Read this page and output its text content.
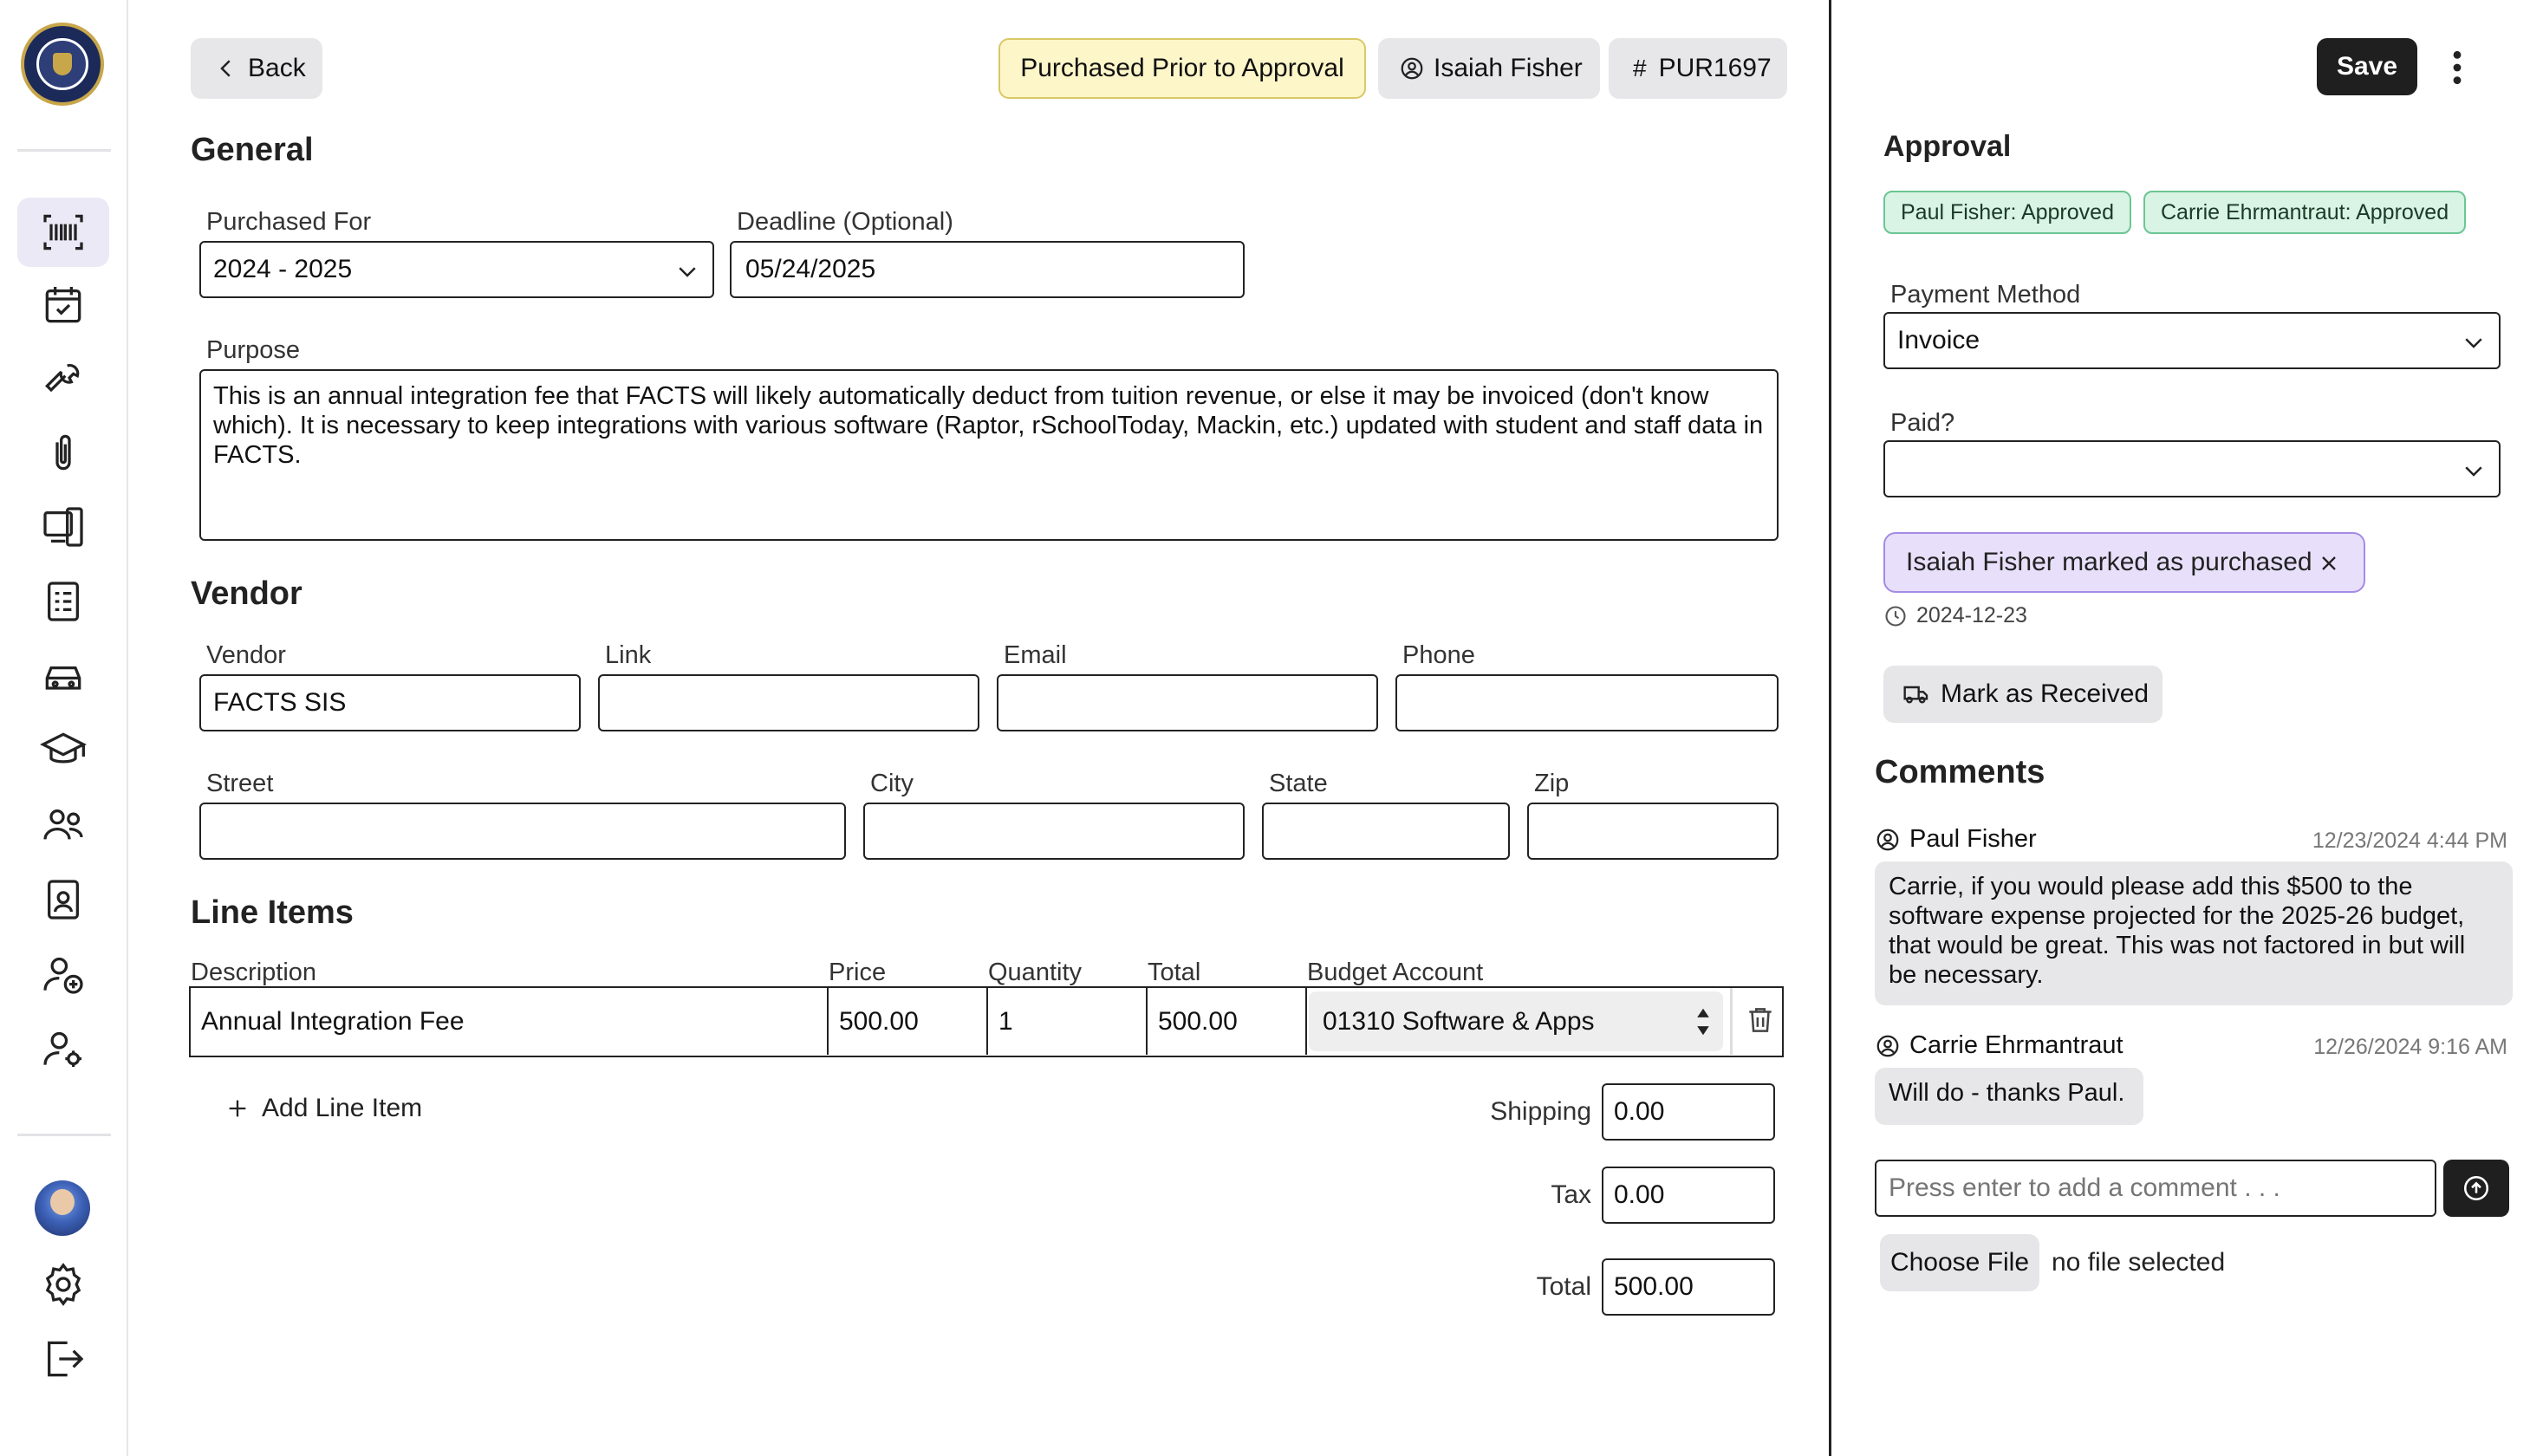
Back	Purchased Prior to Approval	Isaiah Fisher # PUR1697
General
Purchased For
2024 - 2025
Deadline (Optional)
05/24/2025
Purpose
This is an annual integration fee that FACTS will likely automatically deduct from tuition revenue, or else it may be invoiced (don't know which). It is necessary to keep integrations with various software (Raptor, rSchoolToday, Mackin, etc.) updated with student and staff data in FACTS.
Vendor
Vendor
FACTS SIS
Link	Email	Phone
Street	City	State	Zip
Line Items
Description	Price	Quantity	Total	Budget Account
Annual Integration Fee	500.00	1	500.00	01310 Software & Apps
Add Line Item	Shipping 0.00
Tax 0.00
Total 500.00
Save
Approval
Paul Fisher: Approved	Carrie Ehrmantraut: Approved
Payment Method
Invoice
Paid?
Isaiah Fisher marked as purchased
2024-12-23
Mark as Received
Comments
Paul Fisher	12/23/2024 4:44 PM
Carrie, if you would please add this $500 to the software expense projected for the 2025-26 budget, that would be great. This was not factored in but will be necessary.
Carrie Ehrmantraut	12/26/2024 9:16 AM
Will do - thanks Paul.
Press enter to add a comment . . .
Choose File no file selected
